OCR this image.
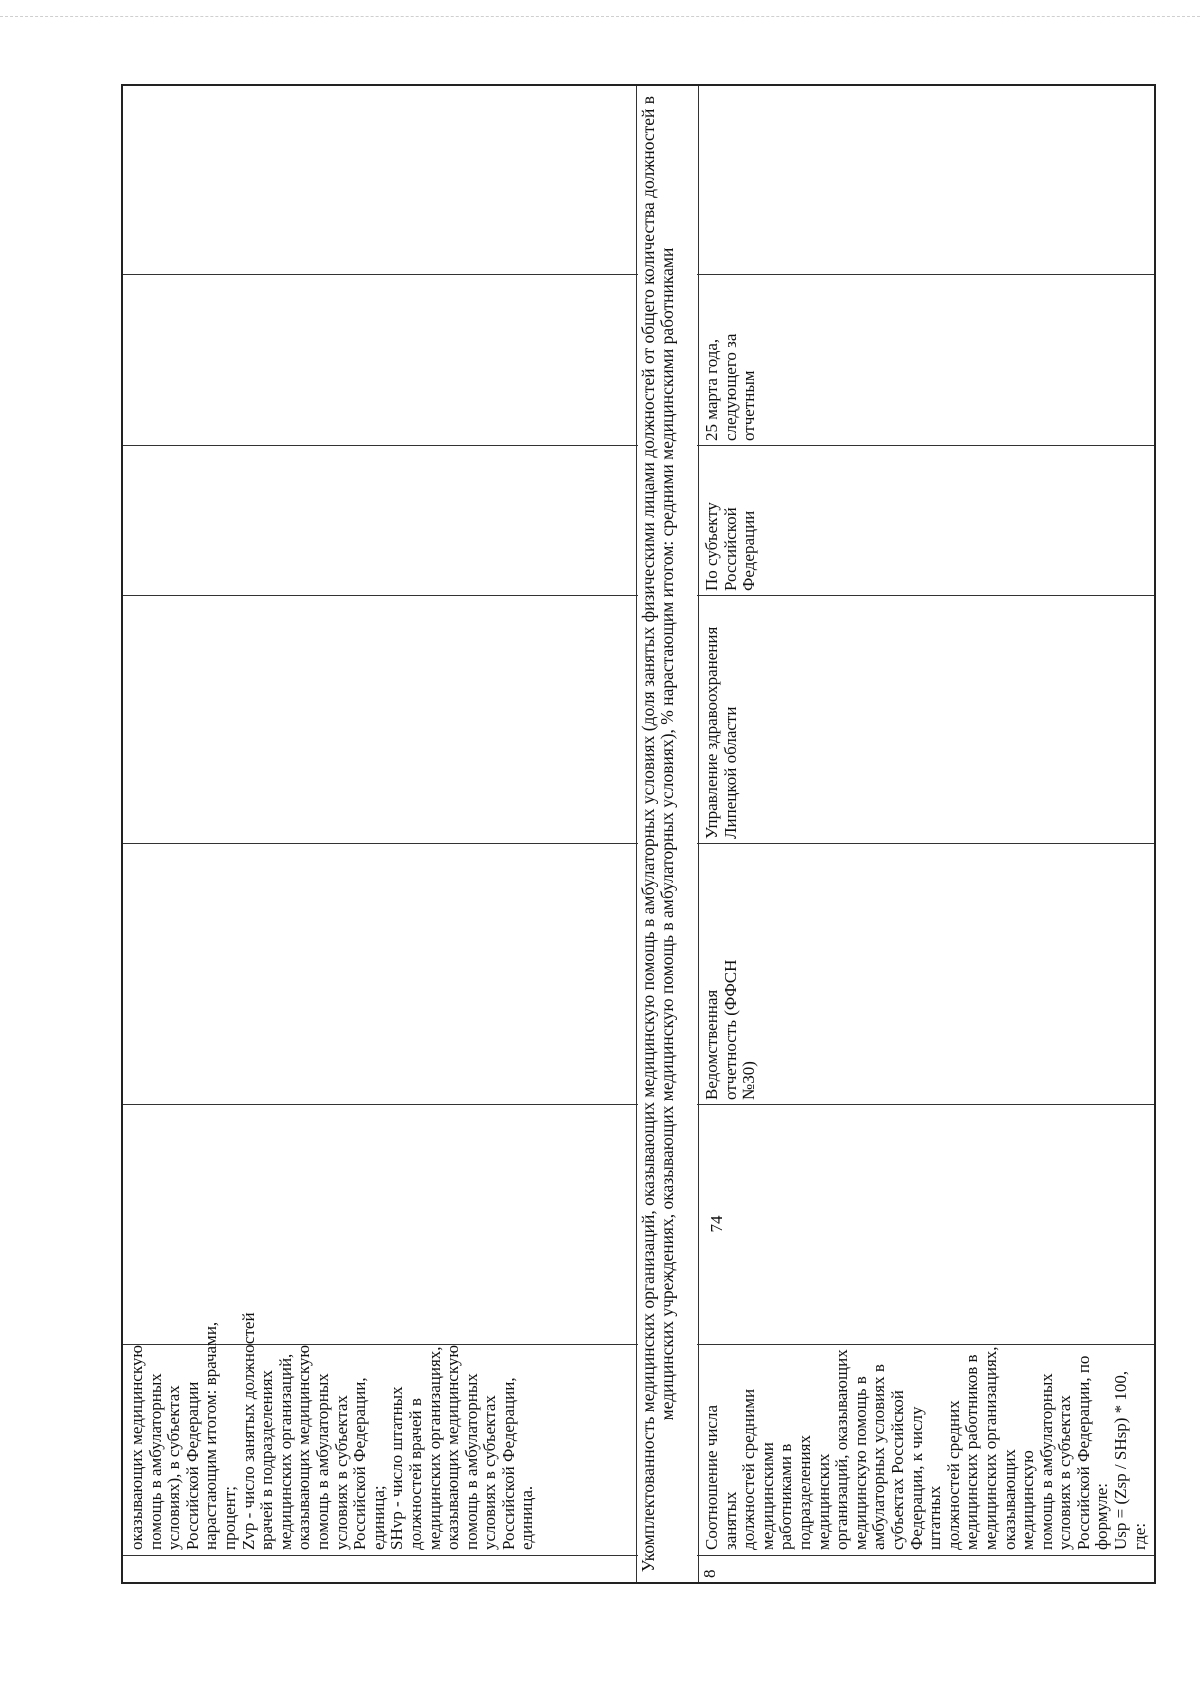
оказывающих медицинскую
помощь в амбулаторных
условиях), в субъектах
Российской Федерации
нарастающим итогом: врачами,
процент;
Zvp - число занятых должностей
врачей в подразделениях
медицинских организаций,
оказывающих медицинскую
помощь в амбулаторных
условиях в субъектах
Российской Федерации,
единица;
SHvp - число штатных
должностей врачей в
медицинских организациях,
оказывающих медицинскую
помощь в амбулаторных
условиях в субъектах
Российской Федерации,
единица.	Укомплектованность медицинских организаций, оказывающих медицинскую помощь в амбулаторных условиях (доля занятых физическими лицами должностей от общего количества должностей в медицинских учреждениях, оказывающих медицинскую помощь в амбулаторных условиях), % нарастающим итогом: средними медицинскими работниками
8
Соотношение числа занятых
должностей средними
медицинскими работниками в
подразделениях медицинских
организаций, оказывающих
медицинскую помощь в
амбулаторных условиях в
субъектах Российской
Федерации, к числу штатных
должностей средних
медицинских работников в
медицинских организациях,
оказывающих медицинскую
помощь в амбулаторных
условиях в субъектах
Российской Федерации, по
формуле:
Usp = (Zsp / SHsp) * 100,
где:
74
Ведомственная
отчетность (ФФСН
№30)
Управление здравоохранения
Липецкой области
По субъекту
Российской
Федерации
25 марта года,
следующего за
отчетным
